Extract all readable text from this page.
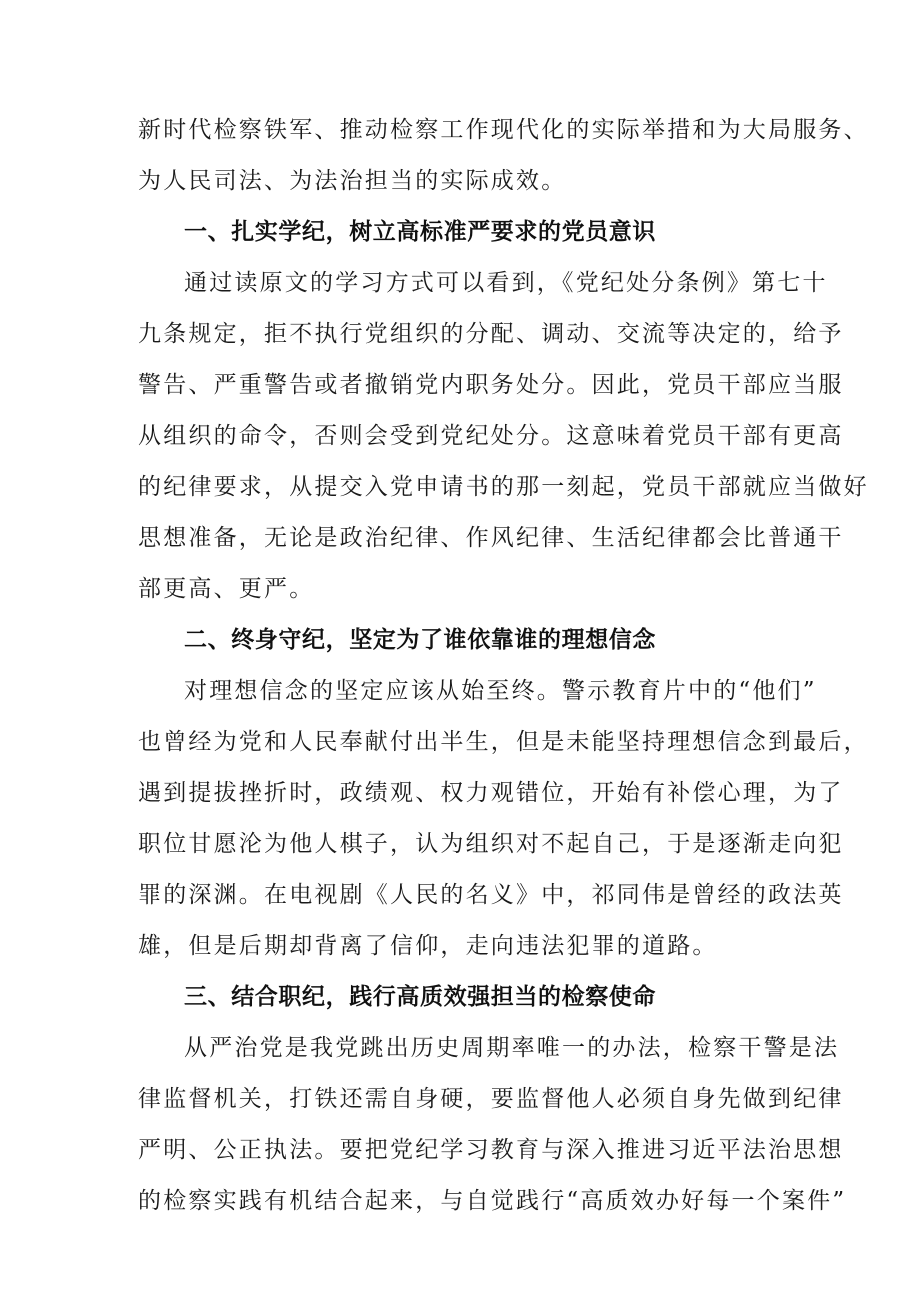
新时代检察铁军、推动检察工作现代化的实际举措和为大局服务、
为人民司法、为法治担当的实际成效。
一、扎实学纪，树立高标准严要求的党员意识
通过读原文的学习方式可以看到，《党纪处分条例》第七十
九条规定，拒不执行党组织的分配、调动、交流等决定的，给予
警告、严重警告或者撤销党内职务处分。因此，党员干部应当服
从组织的命令，否则会受到党纪处分。这意味着党员干部有更高
的纪律要求，从提交入党申请书的那一刻起，党员干部就应当做好
思想准备，无论是政治纪律、作风纪律、生活纪律都会比普通干
部更高、更严。
二、终身守纪，坚定为了谁依靠谁的理想信念
对理想信念的坚定应该从始至终。警示教育片中的“他们”
也曾经为党和人民奉献付出半生，但是未能坚持理想信念到最后，
遇到提拔挫折时，政绩观、权力观错位，开始有补偿心理，为了
职位甘愿沦为他人棋子，认为组织对不起自己，于是逐渐走向犯
罪的深渊。在电视剧《人民的名义》中，祁同伟是曾经的政法英
雄，但是后期却背离了信仰，走向违法犯罪的道路。
三、结合职纪，践行高质效强担当的检察使命
从严治党是我党跳出历史周期率唯一的办法，检察干警是法
律监督机关，打铁还需自身硬，要监督他人必须自身先做到纪律
严明、公正执法。要把党纪学习教育与深入推进习近平法治思想
的检察实践有机结合起来，与自觉践行“高质效办好每一个案件”
